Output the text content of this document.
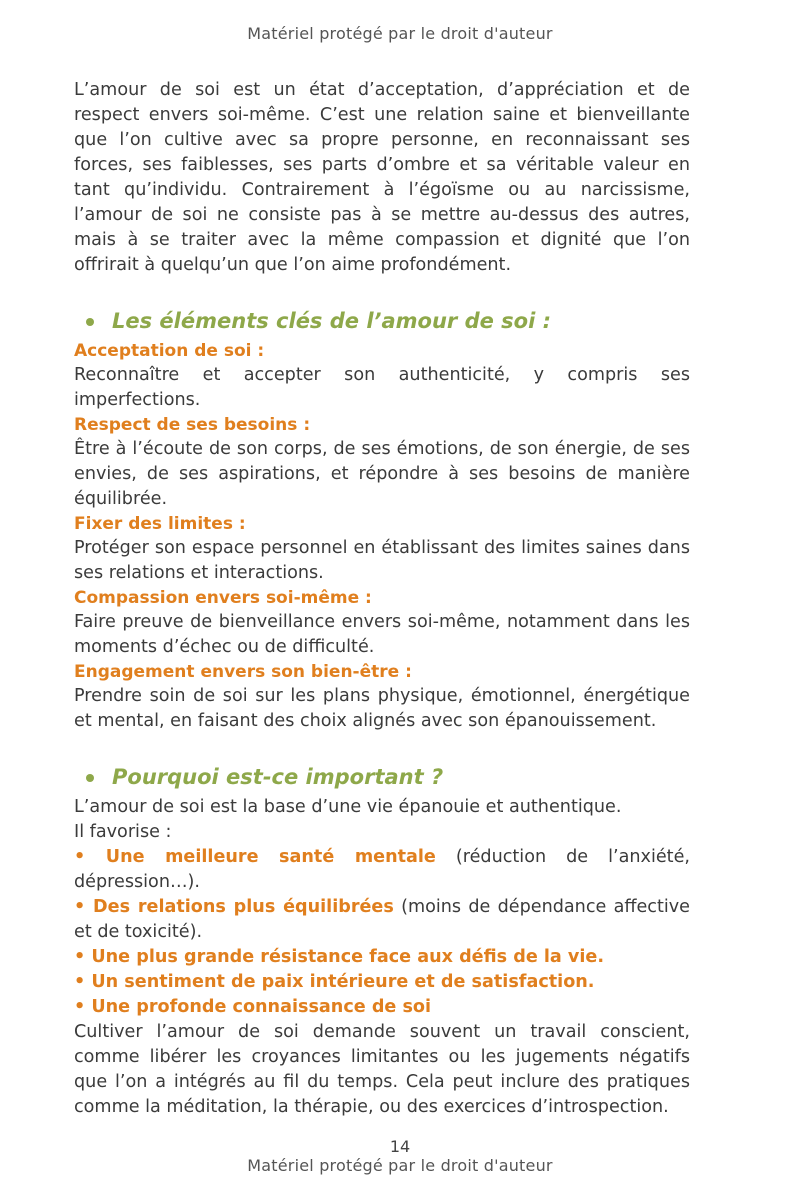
Matériel protégé par le droit d'auteur

L’amour de soi est un état d’acceptation, d’appréciation et de respect envers soi-même. C’est une relation saine et bienveillante que l’on cultive avec sa propre personne, en reconnaissant ses forces, ses faiblesses, ses parts d’ombre et sa véritable valeur en tant qu’individu. Contrairement à l’égoïsme ou au narcissisme, l’amour de soi ne consiste pas à se mettre au-dessus des autres, mais à se traiter avec la même compassion et dignité que l’on offrirait à quelqu’un que l’on aime profondément.

Les éléments clés de l’amour de soi :
Acceptation de soi :

Reconnaître et accepter son authenticité, y compris ses imperfections.

Respect de ses besoins :

Être à l’écoute de son corps, de ses émotions, de son énergie, de ses envies, de ses aspirations, et répondre à ses besoins de manière équilibrée.

Fixer des limites :

Protéger son espace personnel en établissant des limites saines dans ses relations et interactions.

Compassion envers soi-même :

Faire preuve de bienveillance envers soi-même, notamment dans les moments d’échec ou de difficulté.

Engagement envers son bien-être :

Prendre soin de soi sur les plans physique, émotionnel, énergétique et mental, en faisant des choix alignés avec son épanouissement.

Pourquoi est-ce important ?

L’amour de soi est la base d’une vie épanouie et authentique.

Il favorise :

• Une meilleure santé mentale (réduction de l’anxiété, dépression…).

• Des relations plus équilibrées (moins de dépendance affective et de toxicité).

• Une plus grande résistance face aux défis de la vie.

• Un sentiment de paix intérieure et de satisfaction.

• Une profonde connaissance de soi

Cultiver l’amour de soi demande souvent un travail conscient, comme libérer les croyances limitantes ou les jugements négatifs que l’on a intégrés au fil du temps. Cela peut inclure des pratiques comme la méditation, la thérapie, ou des exercices d’introspection.

14
Matériel protégé par le droit d'auteur
